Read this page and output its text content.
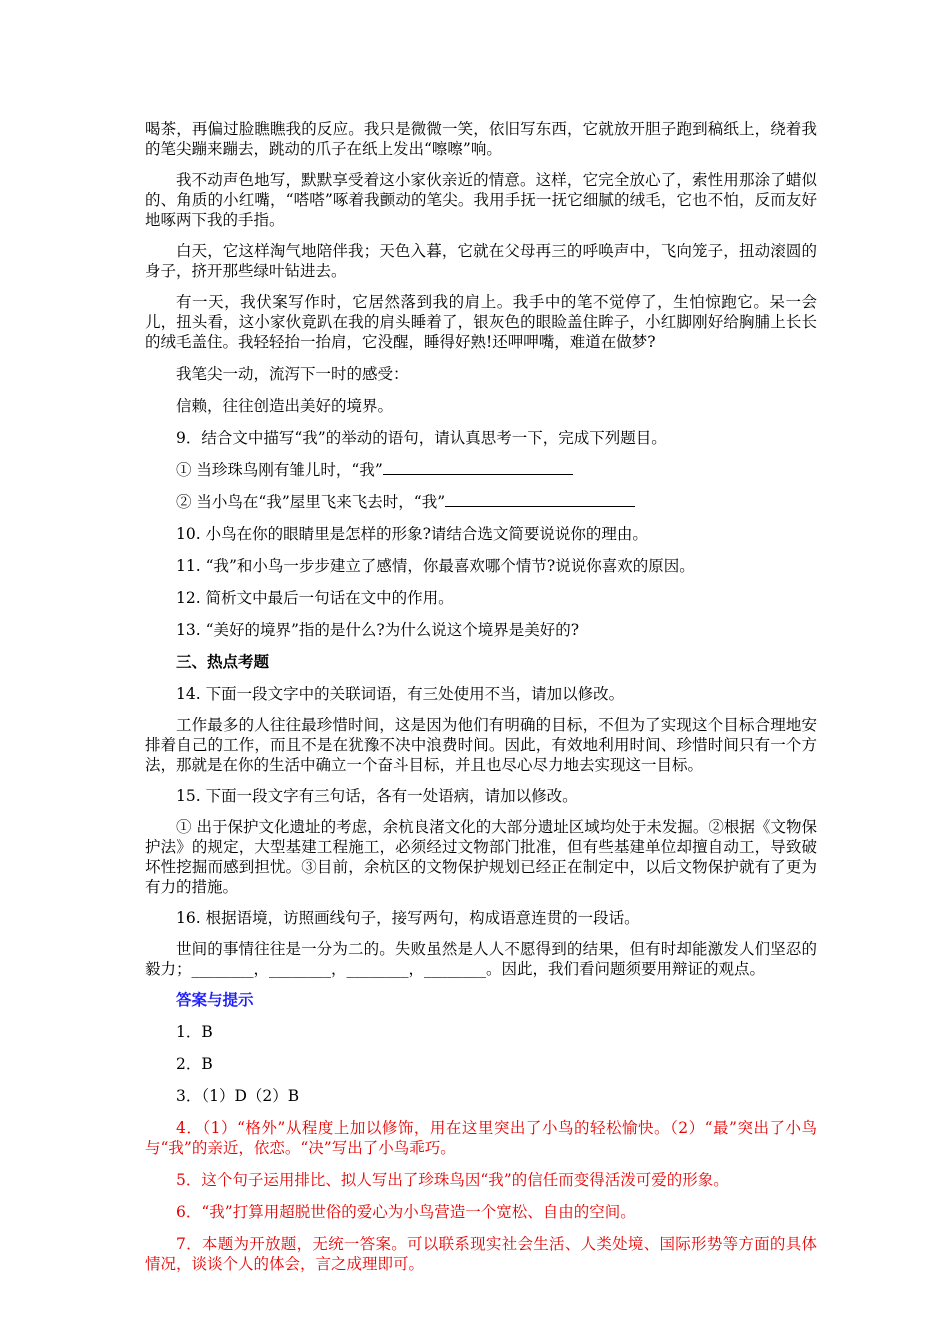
喝茶，再偏过脸瞧瞧我的反应。我只是微微一笑，依旧写东西，它就放开胆子跑到稿纸上，绕着我的笔尖蹦来蹦去，跳动的爪子在纸上发出“嚓嚓”响。

我不动声色地写，默默享受着这小家伙亲近的情意。这样，它完全放心了，索性用那涂了蜡似的、角质的小红嘴，“嗒嗒”啄着我颤动的笔尖。我用手抚一抚它细腻的绒毛，它也不怕，反而友好地啄两下我的手指。

白天，它这样淘气地陪伴我；天色入暮，它就在父母再三的呼唤声中，飞向笼子，扭动滚圆的身子，挤开那些绿叶钻进去。

有一天，我伏案写作时，它居然落到我的肩上。我手中的笔不觉停了，生怕惊跑它。呆一会儿，扭头看，这小家伙竟趴在我的肩头睡着了，银灰色的眼睑盖住眸子，小红脚刚好给胸脯上长长的绒毛盖住。我轻轻抬一抬肩，它没醒，睡得好熟!还呷呷嘴，难道在做梦?

我笔尖一动，流泻下一时的感受：

信赖，往往创造出美好的境界。

9．结合文中描写“我”的举动的语句，请认真思考一下，完成下列题目。

① 当珍珠鸟刚有雏儿时，“我”

② 当小鸟在“我”屋里飞来飞去时，“我”

10. 小鸟在你的眼睛里是怎样的形象?请结合选文简要说说你的理由。

11. “我”和小鸟一步步建立了感情，你最喜欢哪个情节?说说你喜欢的原因。

12. 简析文中最后一句话在文中的作用。

13. “美好的境界”指的是什么?为什么说这个境界是美好的?

三、热点考题

14. 下面一段文字中的关联词语，有三处使用不当，请加以修改。

工作最多的人往往最珍惜时间，这是因为他们有明确的目标，不但为了实现这个目标合理地安排着自己的工作，而且不是在犹豫不决中浪费时间。因此，有效地利用时间、珍惜时间只有一个方法，那就是在你的生活中确立一个奋斗目标，并且也尽心尽力地去实现这一目标。

15. 下面一段文字有三句话，各有一处语病，请加以修改。

① 出于保护文化遗址的考虑，余杭良渚文化的大部分遗址区域均处于未发掘。②根据《文物保护法》的规定，大型基建工程施工，必须经过文物部门批准，但有些基建单位却擅自动工，导致破坏性挖掘而感到担忧。③目前，余杭区的文物保护规划已经正在制定中，以后文物保护就有了更为有力的措施。

16. 根据语境，访照画线句子，接写两句，构成语意连贯的一段话。

世间的事情往往是一分为二的。失败虽然是人人不愿得到的结果，但有时却能激发人们坚忍的毅力；________，________，________，________。因此，我们看问题须要用辩证的观点。

答案与提示

1．B

2．B

3．（1）D（2）B

4．（1）“格外”从程度上加以修饰，用在这里突出了小鸟的轻松愉快。（2）“最”突出了小鸟与“我”的亲近，依恋。“决”写出了小鸟乖巧。

5．这个句子运用排比、拟人写出了珍珠鸟因“我”的信任而变得活泼可爱的形象。

6．“我”打算用超脱世俗的爱心为小鸟营造一个宽松、自由的空间。

7．本题为开放题，无统一答案。可以联系现实社会生活、人类处境、国际形势等方面的具体情况，谈谈个人的体会，言之成理即可。
